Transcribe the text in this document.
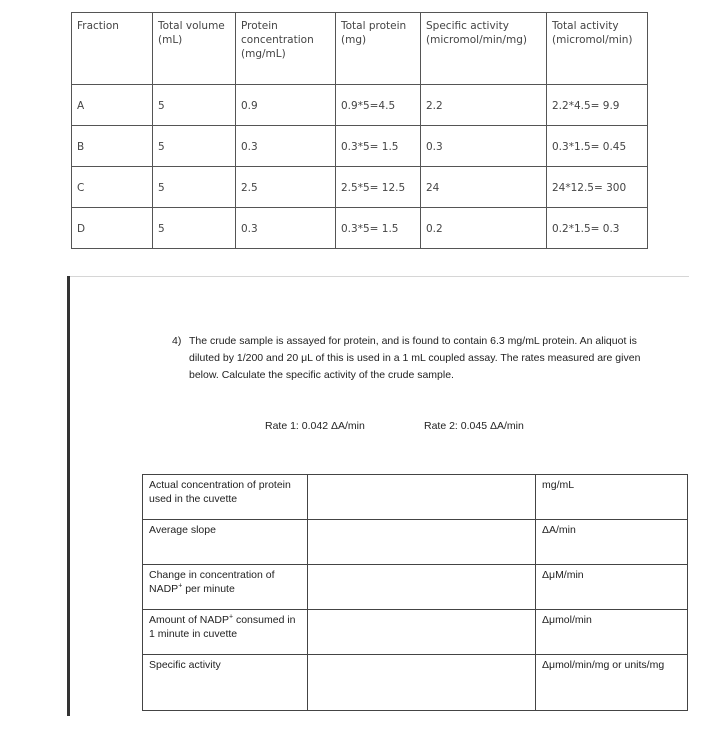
Fraction	Total volume (mL)	Protein concentration (mg/mL)	Total protein (mg)	Specific activity (micromol/min/mg)	Total activity (micromol/min)
A	5	0.9	0.9*5=4.5	2.2	2.2*4.5= 9.9
B	5	0.3	0.3*5= 1.5	0.3	0.3*1.5= 0.45
C	5	2.5	2.5*5= 12.5	24	24*12.5= 300
D	5	0.3	0.3*5= 1.5	0.2	0.2*1.5= 0.3
4) The crude sample is assayed for protein, and is found to contain 6.3 mg/mL protein. An aliquot is diluted by 1/200 and 20 μL of this is used in a 1 mL coupled assay. The rates measured are given below. Calculate the specific activity of the crude sample.
Rate 1: 0.042 ΔA/min	Rate 2: 0.045 ΔA/min
Actual concentration of protein used in the cuvette		mg/mL
Average slope		ΔA/min
Change in concentration of NADP+ per minute		ΔμM/min
Amount of NADP+ consumed in 1 minute in cuvette		Δμmol/min
Specific activity		Δμmol/min/mg or units/mg
